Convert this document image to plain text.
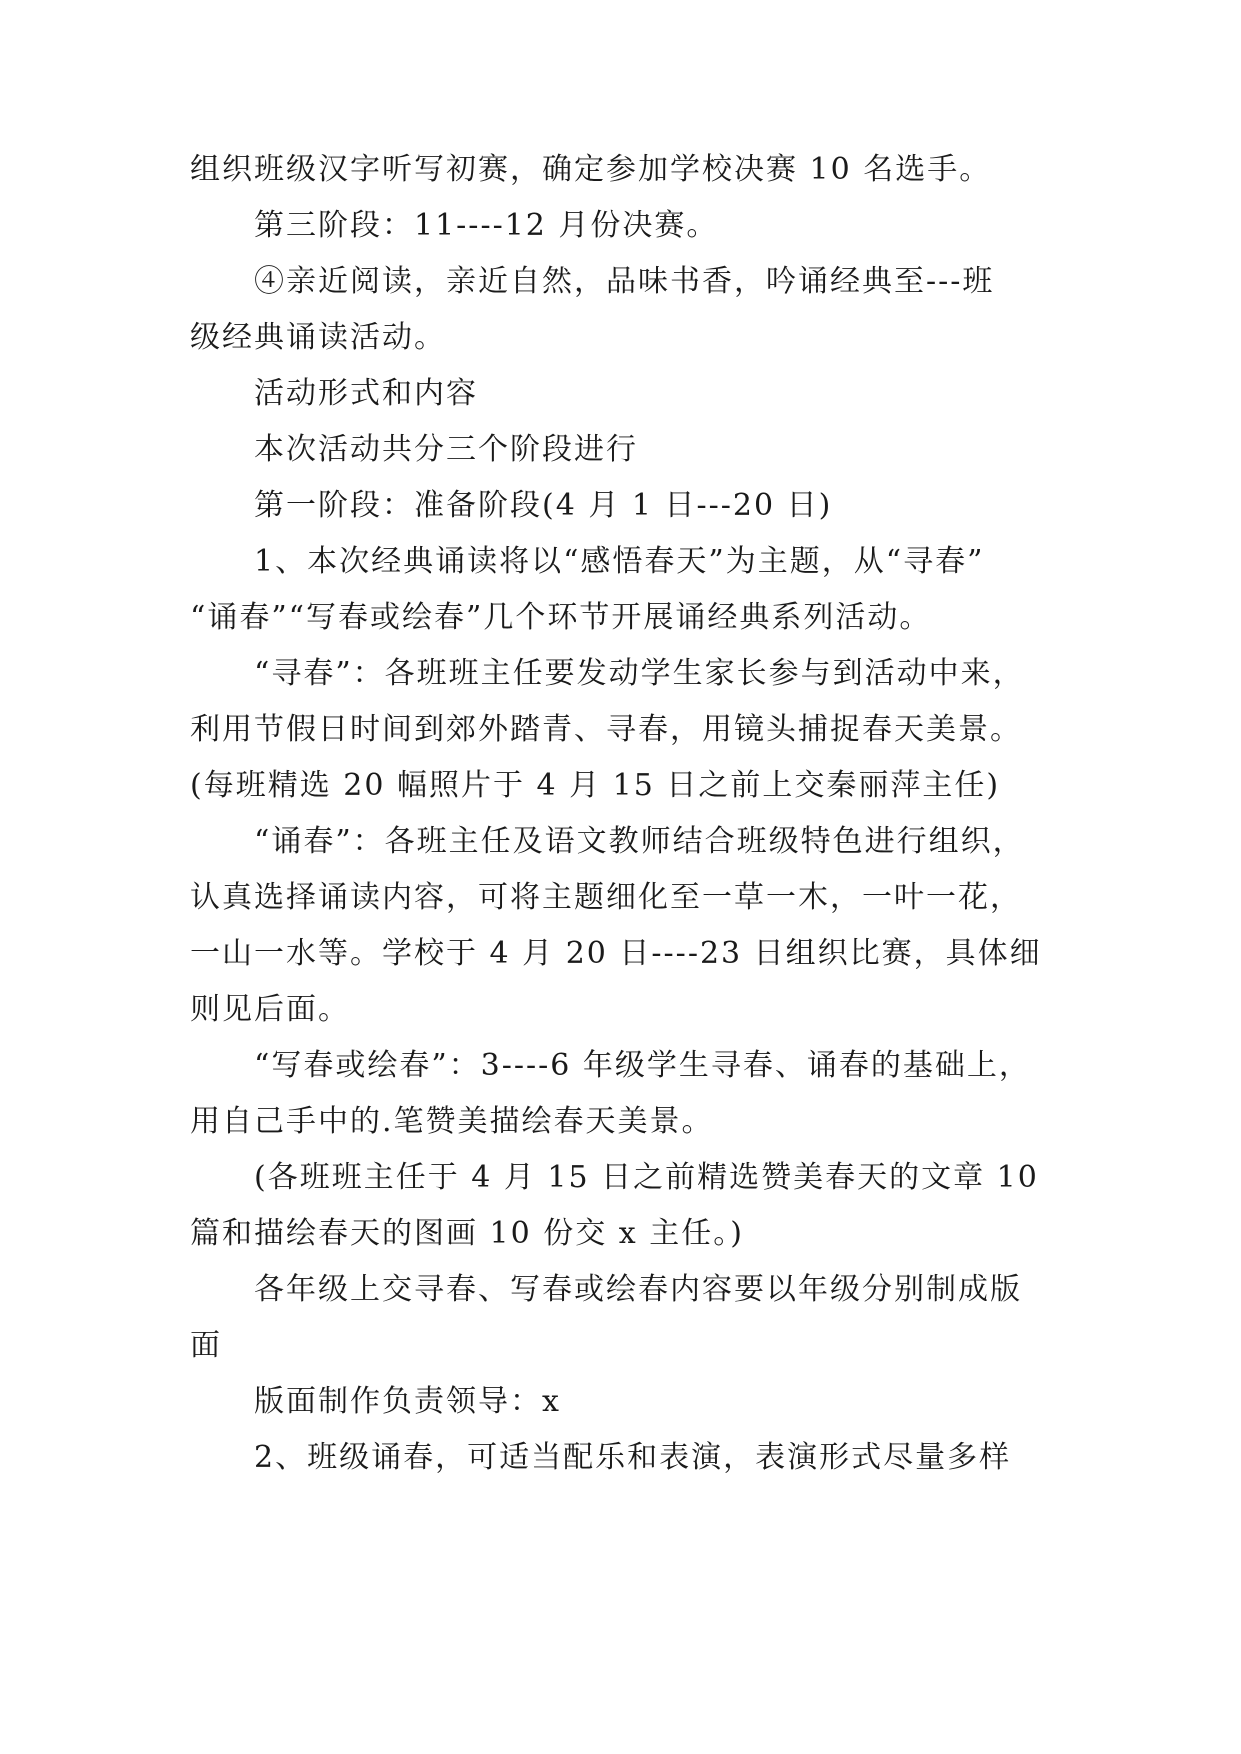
组织班级汉字听写初赛，确定参加学校决赛 10 名选手。
第三阶段：11----12 月份决赛。
④亲近阅读，亲近自然，品味书香，吟诵经典至---班
级经典诵读活动。
活动形式和内容
本次活动共分三个阶段进行
第一阶段：准备阶段(4 月 1 日---20 日)
1、本次经典诵读将以“感悟春天”为主题，从“寻春”
“诵春”“写春或绘春”几个环节开展诵经典系列活动。
“寻春”：各班班主任要发动学生家长参与到活动中来，
利用节假日时间到郊外踏青、寻春，用镜头捕捉春天美景。
(每班精选 20 幅照片于 4 月 15 日之前上交秦丽萍主任)
“诵春”：各班主任及语文教师结合班级特色进行组织，
认真选择诵读内容，可将主题细化至一草一木，一叶一花，
一山一水等。学校于 4 月 20 日----23 日组织比赛，具体细
则见后面。
“写春或绘春”：3----6 年级学生寻春、诵春的基础上，
用自己手中的.笔赞美描绘春天美景。
(各班班主任于 4 月 15 日之前精选赞美春天的文章 10
篇和描绘春天的图画 10 份交 x 主任。)
各年级上交寻春、写春或绘春内容要以年级分别制成版
面
版面制作负责领导：x
2、班级诵春，可适当配乐和表演，表演形式尽量多样
